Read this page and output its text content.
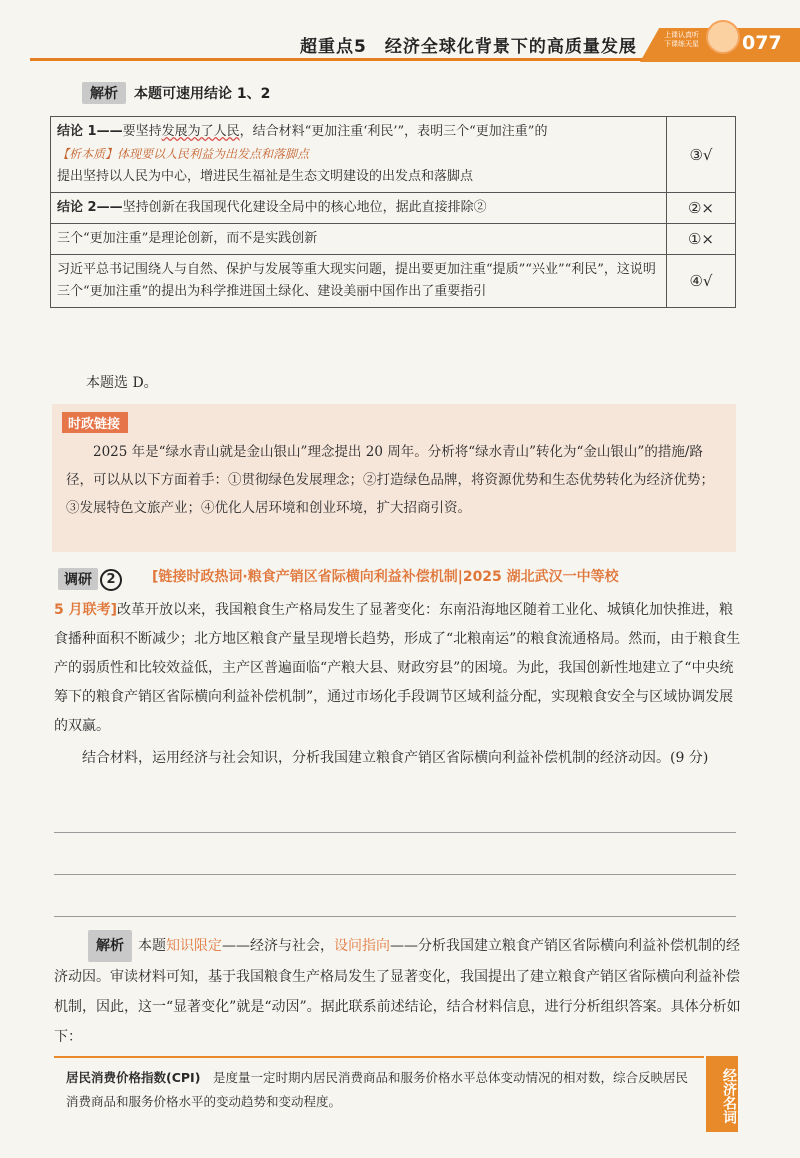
超重点5　经济全球化背景下的高质量发展
上课认真听 下课练天星	077
解析 本题可速用结论 1、2
结论 1——要坚持发展为了人民，结合材料“更加注重‘利民’”，表明三个“更加注重”的
【析本质】体现要以人民利益为出发点和落脚点
提出坚持以人民为中心，增进民生福祉是生态文明建设的出发点和落脚点	③√
结论 2——坚持创新在我国现代化建设全局中的核心地位，据此直接排除②	②×
三个“更加注重”是理论创新，而不是实践创新	①×
习近平总书记围绕人与自然、保护与发展等重大现实问题，提出要更加注重“提质”“兴业”“利民”，这说明三个“更加注重”的提出为科学推进国土绿化、建设美丽中国作出了重要指引	④√
本题选 D。
时政链接
2025 年是“绿水青山就是金山银山”理念提出 20 周年。分析将“绿水青山”转化为“金山银山”的措施/路径，可以从以下方面着手：①贯彻绿色发展理念；②打造绿色品牌，将资源优势和生态优势转化为经济优势；③发展特色文旅产业；④优化人居环境和创业环境，扩大招商引资。
调研 2	[链接时政热词·粮食产销区省际横向利益补偿机制|2025 湖北武汉一中等校
5 月联考]改革开放以来，我国粮食生产格局发生了显著变化：东南沿海地区随着工业化、城镇化加快推进，粮食播种面积不断减少；北方地区粮食产量呈现增长趋势，形成了“北粮南运”的粮食流通格局。然而，由于粮食生产的弱质性和比较效益低，主产区普遍面临“产粮大县、财政穷县”的困境。为此，我国创新性地建立了“中央统筹下的粮食产销区省际横向利益补偿机制”，通过市场化手段调节区域利益分配，实现粮食安全与区域协调发展的双赢。
结合材料，运用经济与社会知识，分析我国建立粮食产销区省际横向利益补偿机制的经济动因。(9 分)
解析 本题知识限定——经济与社会，设问指向——分析我国建立粮食产销区省际横向利益补偿机制的经济动因。审读材料可知，基于我国粮食生产格局发生了显著变化，我国提出了建立粮食产销区省际横向利益补偿机制，因此，这一“显著变化”就是“动因”。据此联系前述结论，结合材料信息，进行分析组织答案。具体分析如下：
居民消费价格指数(CPI)　 是度量一定时期内居民消费商品和服务价格水平总体变动情况的相对数，综合反映居民消费商品和服务价格水平的变动趋势和变动程度。	经济名词
